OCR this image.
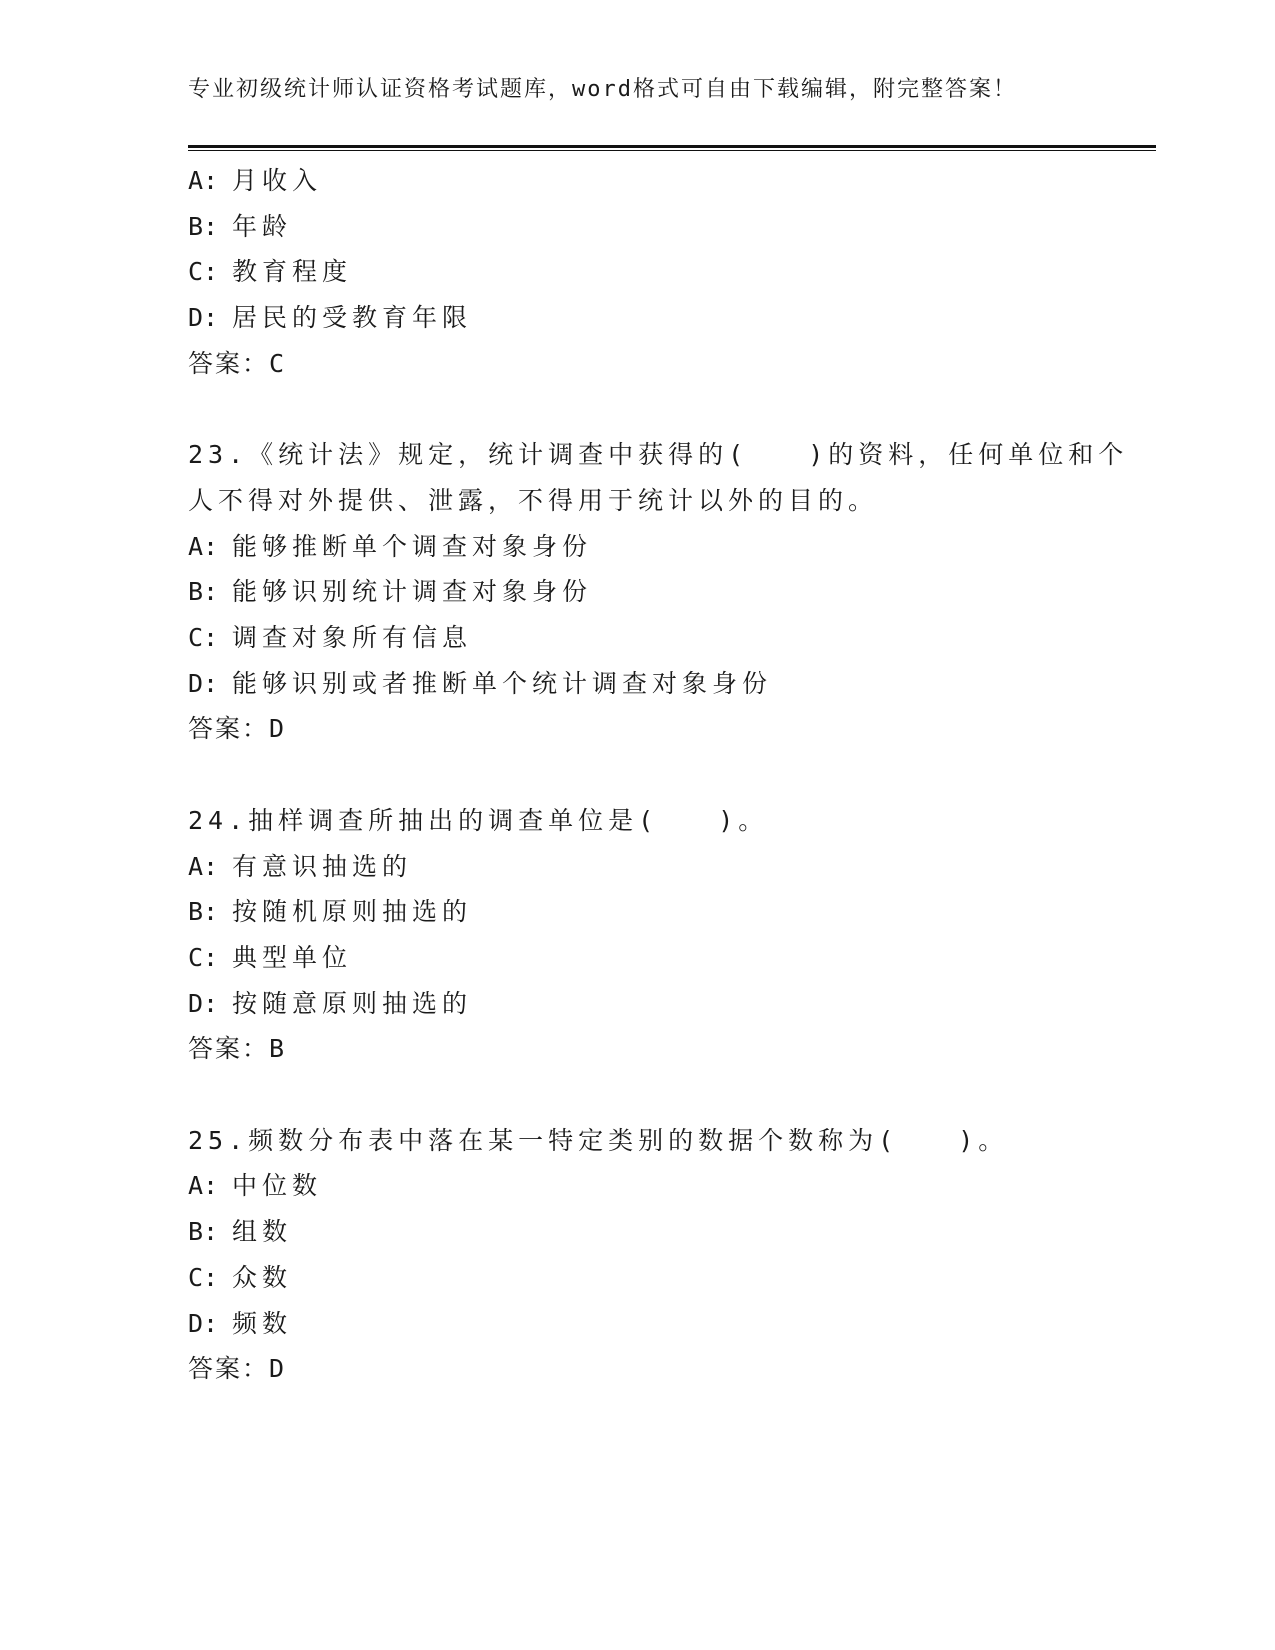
专业初级统计师认证资格考试题库，word格式可自由下载编辑，附完整答案！
A: 月收入
B: 年龄
C: 教育程度
D: 居民的受教育年限
答案：C
23.《统计法》规定，统计调查中获得的(　　)的资料，任何单位和个
人不得对外提供、泄露，不得用于统计以外的目的。
A: 能够推断单个调查对象身份
B: 能够识别统计调查对象身份
C: 调查对象所有信息
D: 能够识别或者推断单个统计调查对象身份
答案：D
24.抽样调查所抽出的调查单位是(　　)。
A: 有意识抽选的
B: 按随机原则抽选的
C: 典型单位
D: 按随意原则抽选的
答案：B
25.频数分布表中落在某一特定类别的数据个数称为(　　)。
A: 中位数
B: 组数
C: 众数
D: 频数
答案：D
